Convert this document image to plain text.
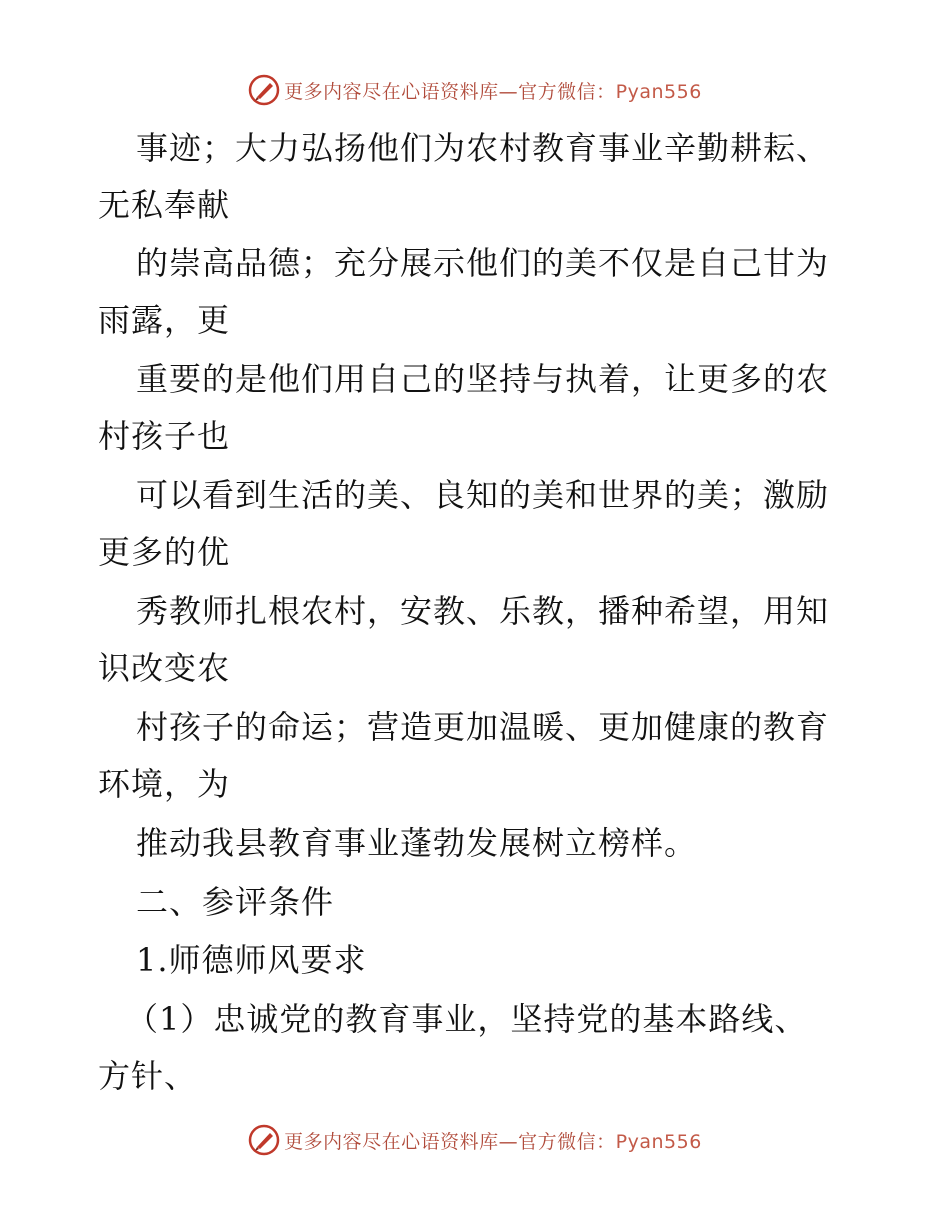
更多内容尽在心语资料库—官方微信：Pyan556
事迹；大力弘扬他们为农村教育事业辛勤耕耘、
无私奉献
的崇高品德；充分展示他们的美不仅是自己甘为
雨露，更
重要的是他们用自己的坚持与执着，让更多的农
村孩子也
可以看到生活的美、良知的美和世界的美；激励
更多的优
秀教师扎根农村，安教、乐教，播种希望，用知
识改变农
村孩子的命运；营造更加温暖、更加健康的教育
环境，为
推动我县教育事业蓬勃发展树立榜样。
二、参评条件
1.师德师风要求
（1）忠诚党的教育事业，坚持党的基本路线、
方针、
更多内容尽在心语资料库—官方微信：Pyan556
